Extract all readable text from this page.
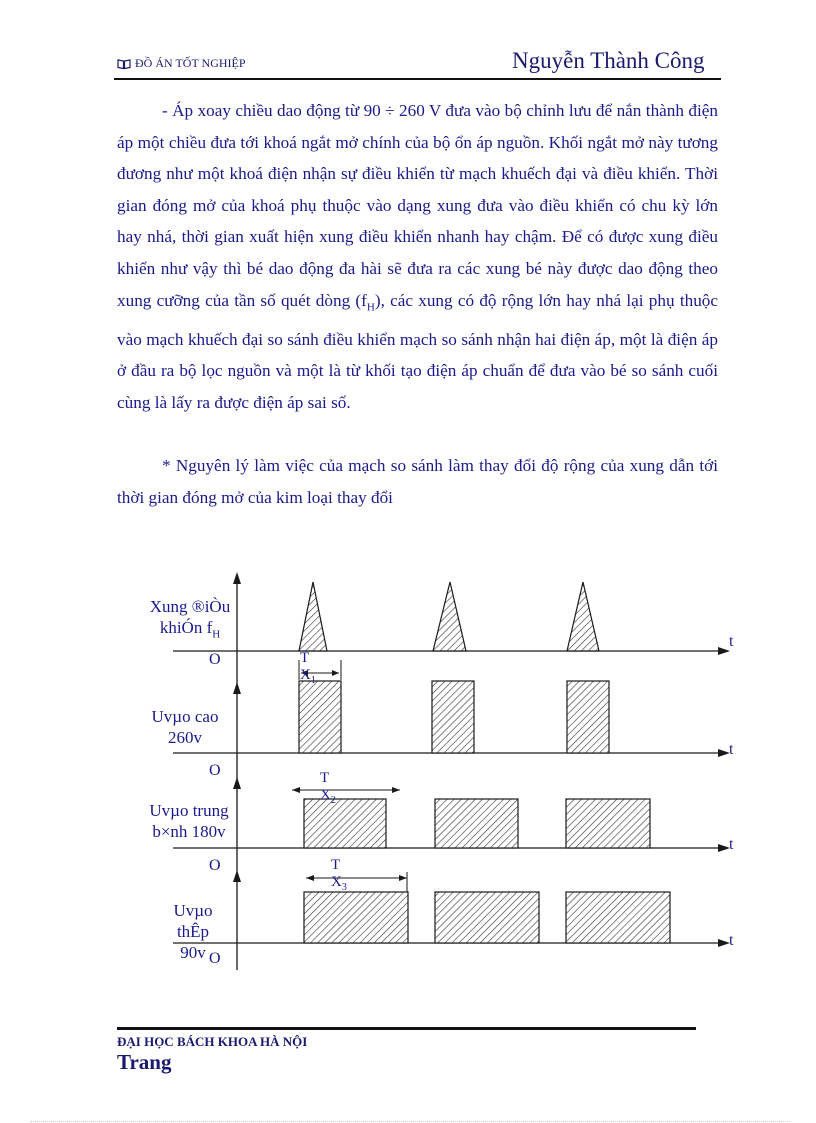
ĐỒ ÁN TỐT NGHIỆP	Nguyễn Thành Công

- Áp xoay chiều dao động từ 90 ÷ 260 V đưa vào bộ chỉnh lưu để nắn thành điện áp một chiều đưa tới khoá ngắt mở chính của bộ ổn áp nguồn. Khối ngắt mở này tương đương như một khoá điện nhận sự điều khiển từ mạch khuếch đại và điều khiển. Thời gian đóng mở của khoá phụ thuộc vào dạng xung đưa vào điều khiển có chu kỳ lớn hay nhá, thời gian xuất hiện xung điều khiển nhanh hay chậm. Để có được xung điều khiển như vậy thì bé dao động đa hài sẽ đưa ra các xung bé này được dao động theo xung cưỡng của tần số quét dòng $(f_H)$, các xung có độ rộng lớn hay nhá lại phụ thuộc vào mạch khuếch đại so sánh điều khiển mạch so sánh nhận hai điện áp, một là điện áp ở đầu ra bộ lọc nguồn và một là từ khối tạo điện áp chuẩn để đưa vào bé so sánh cuối cùng là lấy ra được điện áp sai số.

* Nguyên lý làm việc của mạch so sánh làm thay đổi độ rộng của xung dẫn tới thời gian đóng mở của kim loại thay đổi

Xung ®iÒu
khiÓn $f_H$
Uvµo cao
260v
Uvµo trung
b×nh 180v
Uvµo
thÊp
90v
O
O
O
O
t
t
t
t
T $X_1$
T $X_2$
T $X_3$
ĐẠI HỌC BÁCH KHOA HÀ NỘI
Trang
